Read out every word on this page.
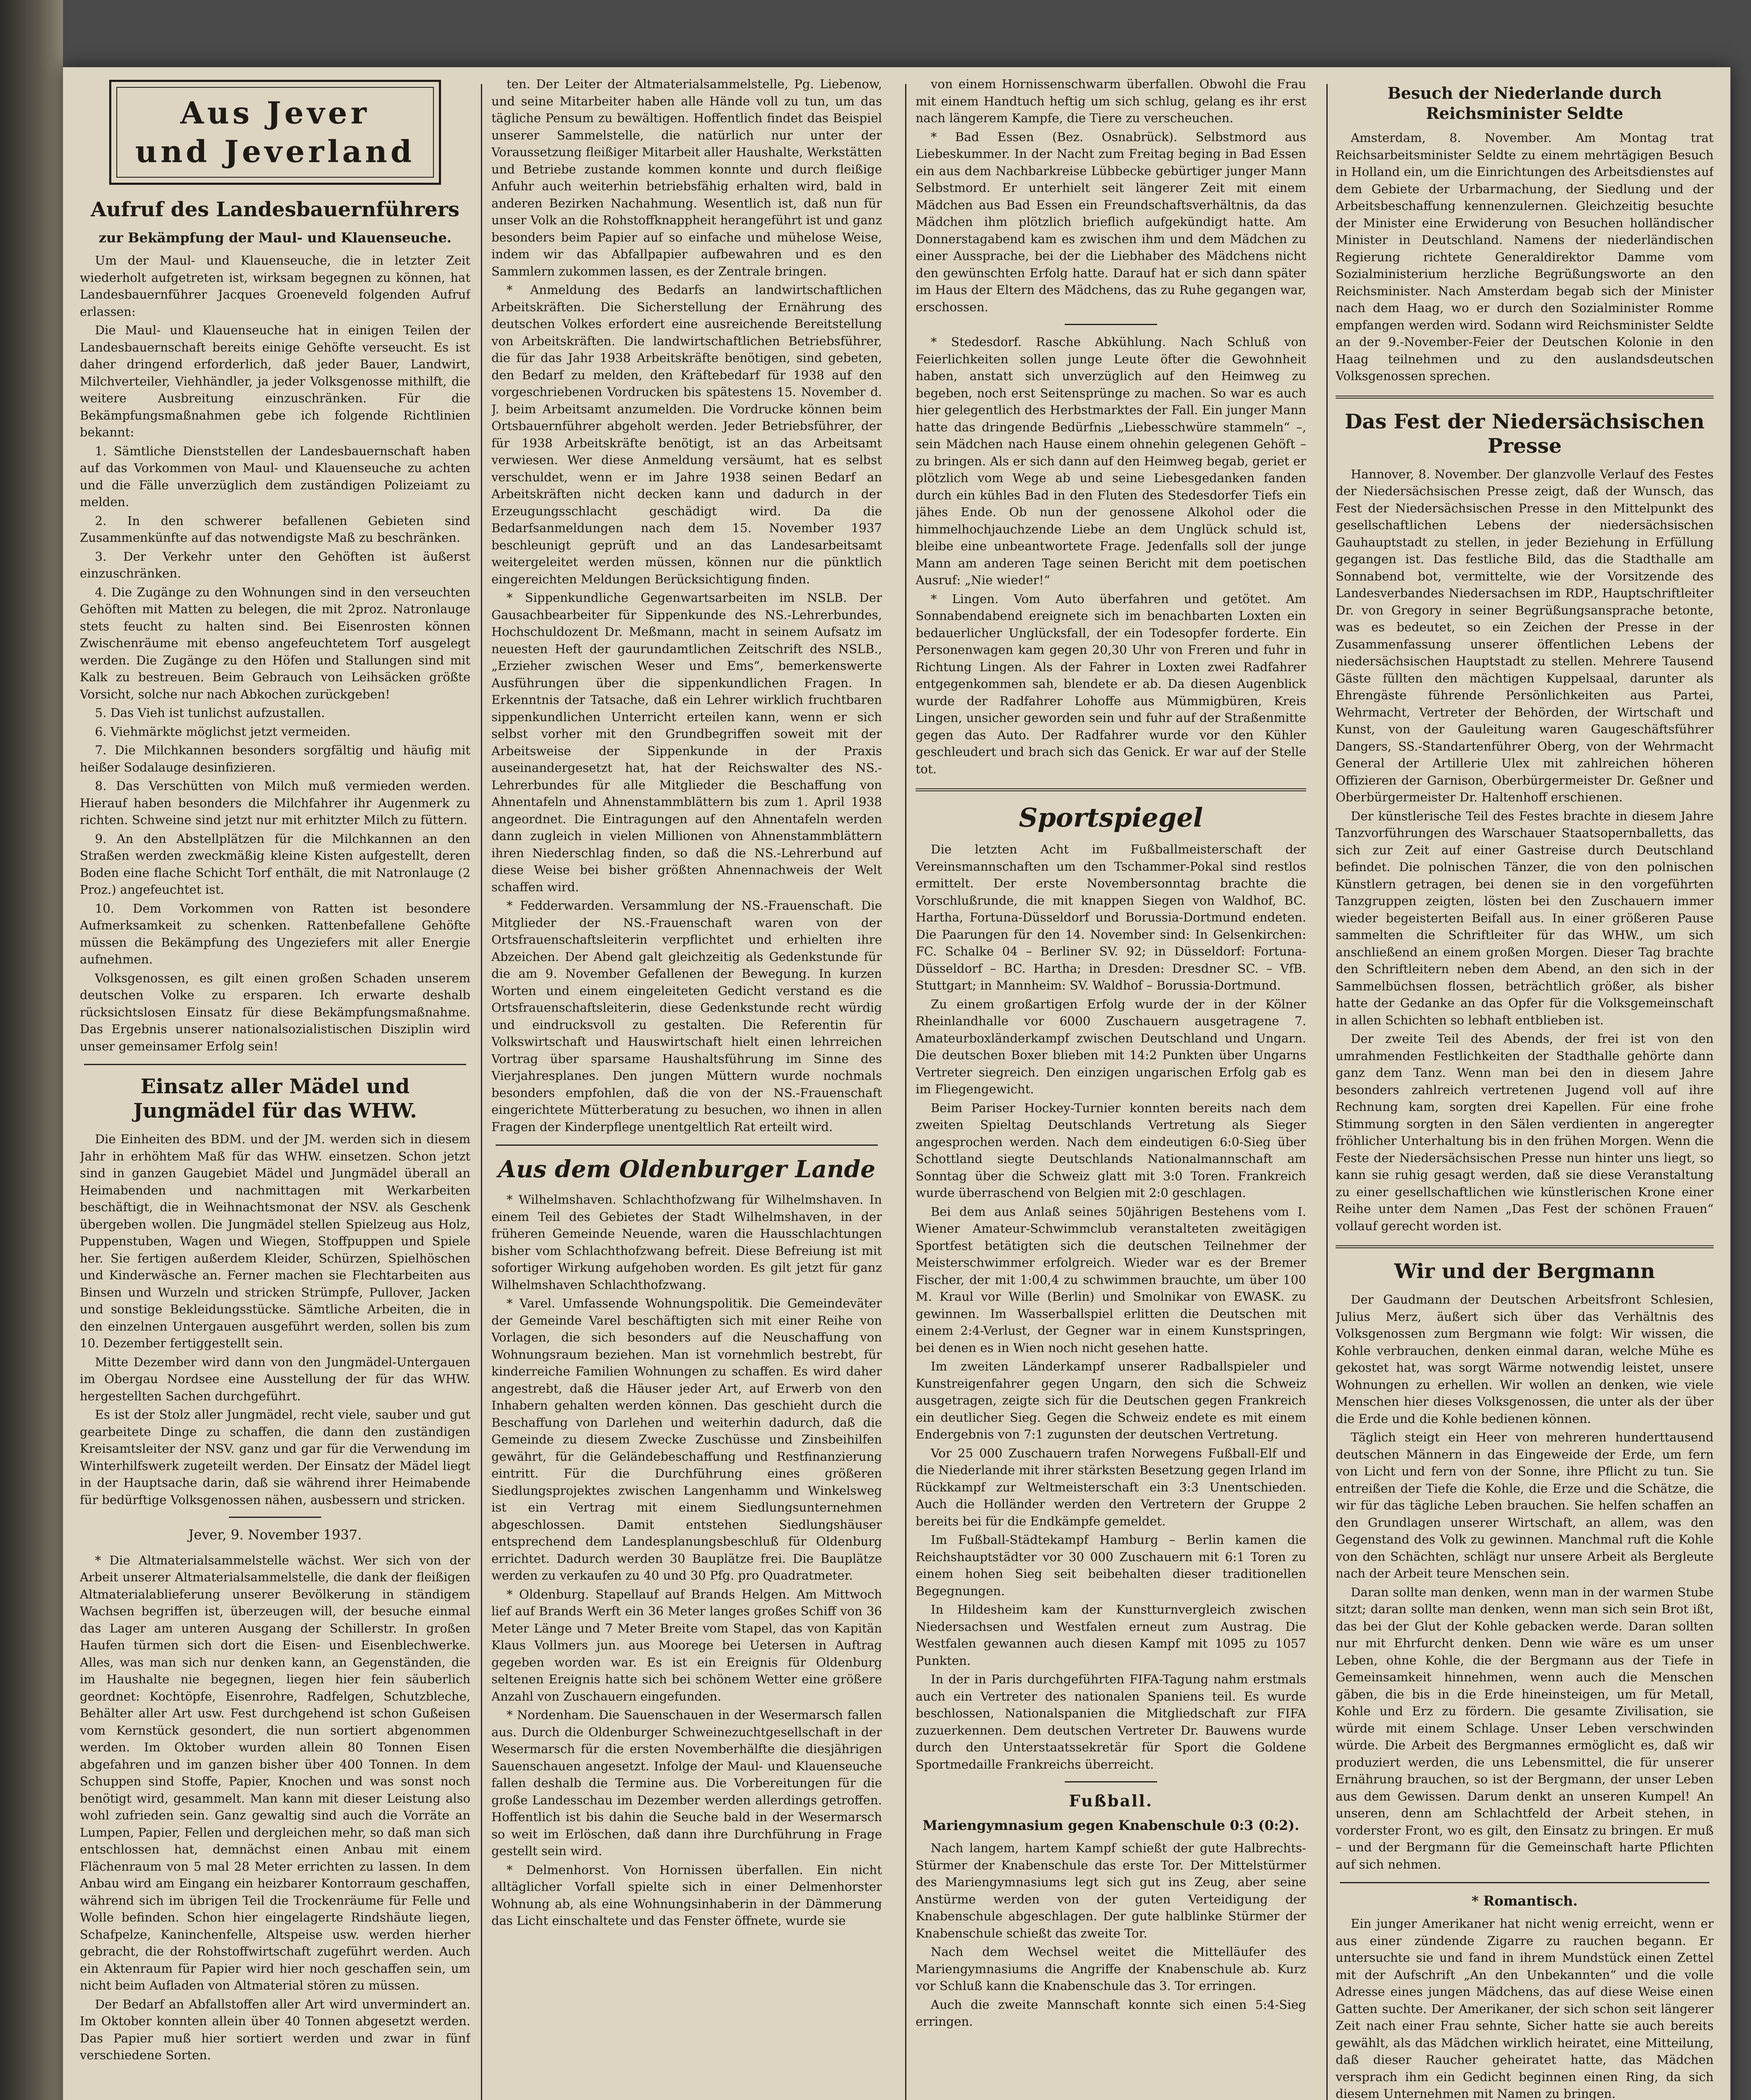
Aus Jever
und Jeverland
Aufruf des Landesbauernführers
zur Bekämpfung der Maul- und Klauenseuche.

Um der Maul- und Klauenseuche, die in letzter Zeit wiederholt aufgetreten ist, wirksam begegnen zu können, hat Landesbauernführer Jacques Groeneveld folgenden Aufruf erlassen:

Die Maul- und Klauenseuche hat in einigen Teilen der Landesbauernschaft bereits einige Gehöfte verseucht. Es ist daher dringend erforderlich, daß jeder Bauer, Landwirt, Milchverteiler, Viehhändler, ja jeder Volksgenosse mithilft, die weitere Ausbreitung einzuschränken. Für die Bekämpfungsmaßnahmen gebe ich folgende Richtlinien bekannt:

1. Sämtliche Dienststellen der Landesbauernschaft haben auf das Vorkommen von Maul- und Klauenseuche zu achten und die Fälle unverzüglich dem zuständigen Polizeiamt zu melden.

2. In den schwerer befallenen Gebieten sind Zusammenkünfte auf das notwendigste Maß zu beschränken.

3. Der Verkehr unter den Gehöften ist äußerst einzuschränken.

4. Die Zugänge zu den Wohnungen sind in den verseuchten Gehöften mit Matten zu belegen, die mit 2proz. Natronlauge stets feucht zu halten sind. Bei Eisenrosten können Zwischenräume mit ebenso angefeuchtetem Torf ausgelegt werden. Die Zugänge zu den Höfen und Stallungen sind mit Kalk zu bestreuen. Beim Gebrauch von Leihsäcken größte Vorsicht, solche nur nach Abkochen zurückgeben!

5. Das Vieh ist tunlichst aufzustallen.

6. Viehmärkte möglichst jetzt vermeiden.

7. Die Milchkannen besonders sorgfältig und häufig mit heißer Sodalauge desinfizieren.

8. Das Verschütten von Milch muß vermieden werden. Hierauf haben besonders die Milchfahrer ihr Augenmerk zu richten. Schweine sind jetzt nur mit erhitzter Milch zu füttern.

9. An den Abstellplätzen für die Milchkannen an den Straßen werden zweckmäßig kleine Kisten aufgestellt, deren Boden eine flache Schicht Torf enthält, die mit Natronlauge (2 Proz.) angefeuchtet ist.

10. Dem Vorkommen von Ratten ist besondere Aufmerksamkeit zu schenken. Rattenbefallene Gehöfte müssen die Bekämpfung des Ungeziefers mit aller Energie aufnehmen.

Volksgenossen, es gilt einen großen Schaden unserem deutschen Volke zu ersparen. Ich erwarte deshalb rücksichtslosen Einsatz für diese Bekämpfungsmaßnahme. Das Ergebnis unserer nationalsozialistischen Disziplin wird unser gemeinsamer Erfolg sein!

Einsatz aller Mädel und Jungmädel für das WHW.

Die Einheiten des BDM. und der JM. werden sich in diesem Jahr in erhöhtem Maß für das WHW. einsetzen. Schon jetzt sind in ganzen Gaugebiet Mädel und Jungmädel überall an Heimabenden und nachmittagen mit Werkarbeiten beschäftigt, die in Weihnachtsmonat der NSV. als Geschenk übergeben wollen. Die Jungmädel stellen Spielzeug aus Holz, Puppenstuben, Wagen und Wiegen, Stoffpuppen und Spiele her. Sie fertigen außerdem Kleider, Schürzen, Spielhöschen und Kinderwäsche an. Ferner machen sie Flechtarbeiten aus Binsen und Wurzeln und stricken Strümpfe, Pullover, Jacken und sonstige Bekleidungsstücke. Sämtliche Arbeiten, die in den einzelnen Untergauen ausgeführt werden, sollen bis zum 10. Dezember fertiggestellt sein.

Mitte Dezember wird dann von den Jungmädel-Untergauen im Obergau Nordsee eine Ausstellung der für das WHW. hergestellten Sachen durchgeführt.

Es ist der Stolz aller Jungmädel, recht viele, sauber und gut gearbeitete Dinge zu schaffen, die dann den zuständigen Kreisamtsleiter der NSV. ganz und gar für die Verwendung im Winterhilfswerk zugeteilt werden. Der Einsatz der Mädel liegt in der Hauptsache darin, daß sie während ihrer Heimabende für bedürftige Volksgenossen nähen, ausbessern und stricken.

Jever, 9. November 1937.

* Die Altmaterialsammelstelle wächst. Wer sich von der Arbeit unserer Altmaterialsammelstelle, die dank der fleißigen Altmaterialablieferung unserer Bevölkerung in ständigem Wachsen begriffen ist, überzeugen will, der besuche einmal das Lager am unteren Ausgang der Schillerstr. In großen Haufen türmen sich dort die Eisen- und Eisenblechwerke. Alles, was man sich nur denken kann, an Gegenständen, die im Haushalte nie begegnen, liegen hier fein säuberlich geordnet: Kochtöpfe, Eisenrohre, Radfelgen, Schutzbleche, Behälter aller Art usw. Fest durchgehend ist schon Gußeisen vom Kernstück gesondert, die nun sortiert abgenommen werden. Im Oktober wurden allein 80 Tonnen Eisen abgefahren und im ganzen bisher über 400 Tonnen. In dem Schuppen sind Stoffe, Papier, Knochen und was sonst noch benötigt wird, gesammelt. Man kann mit dieser Leistung also wohl zufrieden sein. Ganz gewaltig sind auch die Vorräte an Lumpen, Papier, Fellen und dergleichen mehr, so daß man sich entschlossen hat, demnächst einen Anbau mit einem Flächenraum von 5 mal 28 Meter errichten zu lassen. In dem Anbau wird am Eingang ein heizbarer Kontorraum geschaffen, während sich im übrigen Teil die Trockenräume für Felle und Wolle befinden. Schon hier eingelagerte Rindshäute liegen, Schafpelze, Kaninchenfelle, Altspeise usw. werden hierher gebracht, die der Rohstoffwirtschaft zugeführt werden. Auch ein Aktenraum für Papier wird hier noch geschaffen sein, um nicht beim Aufladen von Altmaterial stören zu müssen.

Der Bedarf an Abfallstoffen aller Art wird unvermindert an. Im Oktober konnten allein über 40 Tonnen abgesetzt werden. Das Papier muß hier sortiert werden und zwar in fünf verschiedene Sorten.

ten. Der Leiter der Altmaterialsammelstelle, Pg. Liebenow, und seine Mitarbeiter haben alle Hände voll zu tun, um das tägliche Pensum zu bewältigen. Hoffentlich findet das Beispiel unserer Sammelstelle, die natürlich nur unter der Voraussetzung fleißiger Mitarbeit aller Haushalte, Werkstätten und Betriebe zustande kommen konnte und durch fleißige Anfuhr auch weiterhin betriebsfähig erhalten wird, bald in anderen Bezirken Nachahmung. Wesentlich ist, daß nun für unser Volk an die Rohstoffknappheit herangeführt ist und ganz besonders beim Papier auf so einfache und mühelose Weise, indem wir das Abfallpapier aufbewahren und es den Sammlern zukommen lassen, es der Zentrale bringen.

* Anmeldung des Bedarfs an landwirtschaftlichen Arbeitskräften. Die Sicherstellung der Ernährung des deutschen Volkes erfordert eine ausreichende Bereitstellung von Arbeitskräften. Die landwirtschaftlichen Betriebsführer, die für das Jahr 1938 Arbeitskräfte benötigen, sind gebeten, den Bedarf zu melden, den Kräftebedarf für 1938 auf den vorgeschriebenen Vordrucken bis spätestens 15. November d. J. beim Arbeitsamt anzumelden. Die Vordrucke können beim Ortsbauernführer abgeholt werden. Jeder Betriebsführer, der für 1938 Arbeitskräfte benötigt, ist an das Arbeitsamt verwiesen. Wer diese Anmeldung versäumt, hat es selbst verschuldet, wenn er im Jahre 1938 seinen Bedarf an Arbeitskräften nicht decken kann und dadurch in der Erzeugungsschlacht geschädigt wird. Da die Bedarfsanmeldungen nach dem 15. November 1937 beschleunigt geprüft und an das Landesarbeitsamt weitergeleitet werden müssen, können nur die pünktlich eingereichten Meldungen Berücksichtigung finden.

* Sippenkundliche Gegenwartsarbeiten im NSLB. Der Gausachbearbeiter für Sippenkunde des NS.-Lehrerbundes, Hochschuldozent Dr. Meßmann, macht in seinem Aufsatz im neuesten Heft der gaurundamtlichen Zeitschrift des NSLB., „Erzieher zwischen Weser und Ems“, bemerkenswerte Ausführungen über die sippenkundlichen Fragen. In Erkenntnis der Tatsache, daß ein Lehrer wirklich fruchtbaren sippenkundlichen Unterricht erteilen kann, wenn er sich selbst vorher mit den Grundbegriffen soweit mit der Arbeitsweise der Sippenkunde in der Praxis auseinandergesetzt hat, hat der Reichswalter des NS.-Lehrerbundes für alle Mitglieder die Beschaffung von Ahnentafeln und Ahnenstammblättern bis zum 1. April 1938 angeordnet. Die Eintragungen auf den Ahnentafeln werden dann zugleich in vielen Millionen von Ahnenstammblättern ihren Niederschlag finden, so daß die NS.-Lehrerbund auf diese Weise bei bisher größten Ahnennachweis der Welt schaffen wird.

* Fedderwarden. Versammlung der NS.-Frauenschaft. Die Mitglieder der NS.-Frauenschaft waren von der Ortsfrauenschaftsleiterin verpflichtet und erhielten ihre Abzeichen. Der Abend galt gleichzeitig als Gedenkstunde für die am 9. November Gefallenen der Bewegung. In kurzen Worten und einem eingeleiteten Gedicht verstand es die Ortsfrauenschaftsleiterin, diese Gedenkstunde recht würdig und eindrucksvoll zu gestalten. Die Referentin für Volkswirtschaft und Hauswirtschaft hielt einen lehrreichen Vortrag über sparsame Haushaltsführung im Sinne des Vierjahresplanes. Den jungen Müttern wurde nochmals besonders empfohlen, daß die von der NS.-Frauenschaft eingerichtete Mütterberatung zu besuchen, wo ihnen in allen Fragen der Kinderpflege unentgeltlich Rat erteilt wird.

Aus dem Oldenburger Lande

* Wilhelmshaven. Schlachthofzwang für Wilhelmshaven. In einem Teil des Gebietes der Stadt Wilhelmshaven, in der früheren Gemeinde Neuende, waren die Hausschlachtungen bisher vom Schlachthofzwang befreit. Diese Befreiung ist mit sofortiger Wirkung aufgehoben worden. Es gilt jetzt für ganz Wilhelmshaven Schlachthofzwang.

* Varel. Umfassende Wohnungspolitik. Die Gemeindeväter der Gemeinde Varel beschäftigten sich mit einer Reihe von Vorlagen, die sich besonders auf die Neuschaffung von Wohnungsraum beziehen. Man ist vornehmlich bestrebt, für kinderreiche Familien Wohnungen zu schaffen. Es wird daher angestrebt, daß die Häuser jeder Art, auf Erwerb von den Inhabern gehalten werden können. Das geschieht durch die Beschaffung von Darlehen und weiterhin dadurch, daß die Gemeinde zu diesem Zwecke Zuschüsse und Zinsbeihilfen gewährt, für die Geländebeschaffung und Restfinanzierung eintritt. Für die Durchführung eines größeren Siedlungsprojektes zwischen Langenhamm und Winkelsweg ist ein Vertrag mit einem Siedlungsunternehmen abgeschlossen. Damit entstehen Siedlungshäuser entsprechend dem Landesplanungsbeschluß für Oldenburg errichtet. Dadurch werden 30 Bauplätze frei. Die Bauplätze werden zu verkaufen zu 40 und 30 Pfg. pro Quadratmeter.

* Oldenburg. Stapellauf auf Brands Helgen. Am Mittwoch lief auf Brands Werft ein 36 Meter langes großes Schiff von 36 Meter Länge und 7 Meter Breite vom Stapel, das von Kapitän Klaus Vollmers jun. aus Moorege bei Uetersen in Auftrag gegeben worden war. Es ist ein Ereignis für Oldenburg seltenen Ereignis hatte sich bei schönem Wetter eine größere Anzahl von Zuschauern eingefunden.

* Nordenham. Die Sauenschauen in der Wesermarsch fallen aus. Durch die Oldenburger Schweinezuchtgesellschaft in der Wesermarsch für die ersten Novemberhälfte die diesjährigen Sauenschauen angesetzt. Infolge der Maul- und Klauenseuche fallen deshalb die Termine aus. Die Vorbereitungen für die große Landesschau im Dezember werden allerdings getroffen. Hoffentlich ist bis dahin die Seuche bald in der Wesermarsch so weit im Erlöschen, daß dann ihre Durchführung in Frage gestellt sein wird.

* Delmenhorst. Von Hornissen überfallen. Ein nicht alltäglicher Vorfall spielte sich in einer Delmenhorster Wohnung ab, als eine Wohnungsinhaberin in der Dämmerung das Licht einschaltete und das Fenster öffnete, wurde sie

von einem Hornissenschwarm überfallen. Obwohl die Frau mit einem Handtuch heftig um sich schlug, gelang es ihr erst nach längerem Kampfe, die Tiere zu verscheuchen.

* Bad Essen (Bez. Osnabrück). Selbstmord aus Liebeskummer. In der Nacht zum Freitag beging in Bad Essen ein aus dem Nachbarkreise Lübbecke gebürtiger junger Mann Selbstmord. Er unterhielt seit längerer Zeit mit einem Mädchen aus Bad Essen ein Freundschaftsverhältnis, da das Mädchen ihm plötzlich brieflich aufgekündigt hatte. Am Donnerstagabend kam es zwischen ihm und dem Mädchen zu einer Aussprache, bei der die Liebhaber des Mädchens nicht den gewünschten Erfolg hatte. Darauf hat er sich dann später im Haus der Eltern des Mädchens, das zu Ruhe gegangen war, erschossen.

* Stedesdorf. Rasche Abkühlung. Nach Schluß von Feierlichkeiten sollen junge Leute öfter die Gewohnheit haben, anstatt sich unverzüglich auf den Heimweg zu begeben, noch erst Seitensprünge zu machen. So war es auch hier gelegentlich des Herbstmarktes der Fall. Ein junger Mann hatte das dringende Bedürfnis „Liebesschwüre stammeln“ –, sein Mädchen nach Hause einem ohnehin gelegenen Gehöft – zu bringen. Als er sich dann auf den Heimweg begab, geriet er plötzlich vom Wege ab und seine Liebesgedanken fanden durch ein kühles Bad in den Fluten des Stedesdorfer Tiefs ein jähes Ende. Ob nun der genossene Alkohol oder die himmelhochjauchzende Liebe an dem Unglück schuld ist, bleibe eine unbeantwortete Frage. Jedenfalls soll der junge Mann am anderen Tage seinen Bericht mit dem poetischen Ausruf: „Nie wieder!“

* Lingen. Vom Auto überfahren und getötet. Am Sonnabendabend ereignete sich im benachbarten Loxten ein bedauerlicher Unglücksfall, der ein Todesopfer forderte. Ein Personenwagen kam gegen 20,30 Uhr von Freren und fuhr in Richtung Lingen. Als der Fahrer in Loxten zwei Radfahrer entgegenkommen sah, blendete er ab. Da diesen Augenblick wurde der Radfahrer Lohoffe aus Mümmigbüren, Kreis Lingen, unsicher geworden sein und fuhr auf der Straßenmitte gegen das Auto. Der Radfahrer wurde vor den Kühler geschleudert und brach sich das Genick. Er war auf der Stelle tot.

Sportspiegel

Die letzten Acht im Fußballmeisterschaft der Vereinsmannschaften um den Tschammer-Pokal sind restlos ermittelt. Der erste Novembersonntag brachte die Vorschlußrunde, die mit knappen Siegen von Waldhof, BC. Hartha, Fortuna-Düsseldorf und Borussia-Dortmund endeten. Die Paarungen für den 14. November sind: In Gelsenkirchen: FC. Schalke 04 – Berliner SV. 92; in Düsseldorf: Fortuna-Düsseldorf – BC. Hartha; in Dresden: Dresdner SC. – VfB. Stuttgart; in Mannheim: SV. Waldhof – Borussia-Dortmund.

Zu einem großartigen Erfolg wurde der in der Kölner Rheinlandhalle vor 6000 Zuschauern ausgetragene 7. Amateurboxländerkampf zwischen Deutschland und Ungarn. Die deutschen Boxer blieben mit 14:2 Punkten über Ungarns Vertreter siegreich. Den einzigen ungarischen Erfolg gab es im Fliegengewicht.

Beim Pariser Hockey-Turnier konnten bereits nach dem zweiten Spieltag Deutschlands Vertretung als Sieger angesprochen werden. Nach dem eindeutigen 6:0-Sieg über Schottland siegte Deutschlands Nationalmannschaft am Sonntag über die Schweiz glatt mit 3:0 Toren. Frankreich wurde überraschend von Belgien mit 2:0 geschlagen.

Bei dem aus Anlaß seines 50jährigen Bestehens vom I. Wiener Amateur-Schwimmclub veranstalteten zweitägigen Sportfest betätigten sich die deutschen Teilnehmer der Meisterschwimmer erfolgreich. Wieder war es der Bremer Fischer, der mit 1:00,4 zu schwimmen brauchte, um über 100 M. Kraul vor Wille (Berlin) und Smolnikar von EWASK. zu gewinnen. Im Wasserballspiel erlitten die Deutschen mit einem 2:4-Verlust, der Gegner war in einem Kunstspringen, bei denen es in Wien noch nicht gesehen hatte.

Im zweiten Länderkampf unserer Radballspieler und Kunstreigenfahrer gegen Ungarn, den sich die Schweiz ausgetragen, zeigte sich für die Deutschen gegen Frankreich ein deutlicher Sieg. Gegen die Schweiz endete es mit einem Endergebnis von 7:1 zugunsten der deutschen Vertretung.

Vor 25 000 Zuschauern trafen Norwegens Fußball-Elf und die Niederlande mit ihrer stärksten Besetzung gegen Irland im Rückkampf zur Weltmeisterschaft ein 3:3 Unentschieden. Auch die Holländer werden den Vertretern der Gruppe 2 bereits bei für die Endkämpfe gemeldet.

Im Fußball-Städtekampf Hamburg – Berlin kamen die Reichshauptstädter vor 30 000 Zuschauern mit 6:1 Toren zu einem hohen Sieg seit beibehalten dieser traditionellen Begegnungen.

In Hildesheim kam der Kunstturnvergleich zwischen Niedersachsen und Westfalen erneut zum Austrag. Die Westfalen gewannen auch diesen Kampf mit 1095 zu 1057 Punkten.

In der in Paris durchgeführten FIFA-Tagung nahm erstmals auch ein Vertreter des nationalen Spaniens teil. Es wurde beschlossen, Nationalspanien die Mitgliedschaft zur FIFA zuzuerkennen. Dem deutschen Vertreter Dr. Bauwens wurde durch den Unterstaatssekretär für Sport die Goldene Sportmedaille Frankreichs überreicht.

Fußball.
Mariengymnasium gegen Knabenschule 0:3 (0:2).

Nach langem, hartem Kampf schießt der gute Halbrechts-Stürmer der Knabenschule das erste Tor. Der Mittelstürmer des Mariengymnasiums legt sich gut ins Zeug, aber seine Anstürme werden von der guten Verteidigung der Knabenschule abgeschlagen. Der gute halblinke Stürmer der Knabenschule schießt das zweite Tor.

Nach dem Wechsel weitet die Mittelläufer des Mariengymnasiums die Angriffe der Knabenschule ab. Kurz vor Schluß kann die Knabenschule das 3. Tor erringen.

Auch die zweite Mannschaft konnte sich einen 5:4-Sieg erringen.

Besuch der Niederlande durch Reichsminister Seldte

Amsterdam, 8. November. Am Montag trat Reichsarbeitsminister Seldte zu einem mehrtägigen Besuch in Holland ein, um die Einrichtungen des Arbeitsdienstes auf dem Gebiete der Urbarmachung, der Siedlung und der Arbeitsbeschaffung kennenzulernen. Gleichzeitig besuchte der Minister eine Erwiderung von Besuchen holländischer Minister in Deutschland. Namens der niederländischen Regierung richtete Generaldirektor Damme vom Sozialministerium herzliche Begrüßungsworte an den Reichsminister. Nach Amsterdam begab sich der Minister nach dem Haag, wo er durch den Sozialminister Romme empfangen werden wird. Sodann wird Reichsminister Seldte an der 9.-November-Feier der Deutschen Kolonie in den Haag teilnehmen und zu den auslandsdeutschen Volksgenossen sprechen.

Das Fest der Niedersächsischen Presse

Hannover, 8. November. Der glanzvolle Verlauf des Festes der Niedersächsischen Presse zeigt, daß der Wunsch, das Fest der Niedersächsischen Presse in den Mittelpunkt des gesellschaftlichen Lebens der niedersächsischen Gauhauptstadt zu stellen, in jeder Beziehung in Erfüllung gegangen ist. Das festliche Bild, das die Stadthalle am Sonnabend bot, vermittelte, wie der Vorsitzende des Landesverbandes Niedersachsen im RDP., Hauptschriftleiter Dr. von Gregory in seiner Begrüßungsansprache betonte, was es bedeutet, so ein Zeichen der Presse in der Zusammenfassung unserer öffentlichen Lebens der niedersächsischen Hauptstadt zu stellen. Mehrere Tausend Gäste füllten den mächtigen Kuppelsaal, darunter als Ehrengäste führende Persönlichkeiten aus Partei, Wehrmacht, Vertreter der Behörden, der Wirtschaft und Kunst, von der Gauleitung waren Gaugeschäftsführer Dangers, SS.-Standartenführer Oberg, von der Wehrmacht General der Artillerie Ulex mit zahlreichen höheren Offizieren der Garnison, Oberbürgermeister Dr. Geßner und Oberbürgermeister Dr. Haltenhoff erschienen.

Der künstlerische Teil des Festes brachte in diesem Jahre Tanzvorführungen des Warschauer Staatsopernballetts, das sich zur Zeit auf einer Gastreise durch Deutschland befindet. Die polnischen Tänzer, die von den polnischen Künstlern getragen, bei denen sie in den vorgeführten Tanzgruppen zeigten, lösten bei den Zuschauern immer wieder begeisterten Beifall aus. In einer größeren Pause sammelten die Schriftleiter für das WHW., um sich anschließend an einem großen Morgen. Dieser Tag brachte den Schriftleitern neben dem Abend, an den sich in der Sammelbüchsen flossen, beträchtlich größer, als bisher hatte der Gedanke an das Opfer für die Volksgemeinschaft in allen Schichten so lebhaft entblieben ist.

Der zweite Teil des Abends, der frei ist von den umrahmenden Festlichkeiten der Stadthalle gehörte dann ganz dem Tanz. Wenn man bei den in diesem Jahre besonders zahlreich vertretenen Jugend voll auf ihre Rechnung kam, sorgten drei Kapellen. Für eine frohe Stimmung sorgten in den Sälen verdienten in angeregter fröhlicher Unterhaltung bis in den frühen Morgen. Wenn die Feste der Niedersächsischen Presse nun hinter uns liegt, so kann sie ruhig gesagt werden, daß sie diese Veranstaltung zu einer gesellschaftlichen wie künstlerischen Krone einer Reihe unter dem Namen „Das Fest der schönen Frauen“ vollauf gerecht worden ist.

Wir und der Bergmann

Der Gaudmann der Deutschen Arbeitsfront Schlesien, Julius Merz, äußert sich über das Verhältnis des Volksgenossen zum Bergmann wie folgt: Wir wissen, die Kohle verbrauchen, denken einmal daran, welche Mühe es gekostet hat, was sorgt Wärme notwendig leistet, unsere Wohnungen zu erhellen. Wir wollen an denken, wie viele Menschen hier dieses Volksgenossen, die unter als der über die Erde und die Kohle bedienen können.

Täglich steigt ein Heer von mehreren hunderttausend deutschen Männern in das Eingeweide der Erde, um fern von Licht und fern von der Sonne, ihre Pflicht zu tun. Sie entreißen der Tiefe die Kohle, die Erze und die Schätze, die wir für das tägliche Leben brauchen. Sie helfen schaffen an den Grundlagen unserer Wirtschaft, an allem, was den Gegenstand des Volk zu gewinnen. Manchmal ruft die Kohle von den Schächten, schlägt nur unsere Arbeit als Bergleute nach der Arbeit teure Menschen sein.

Daran sollte man denken, wenn man in der warmen Stube sitzt; daran sollte man denken, wenn man sich sein Brot ißt, das bei der Glut der Kohle gebacken werde. Daran sollten nur mit Ehrfurcht denken. Denn wie wäre es um unser Leben, ohne Kohle, die der Bergmann aus der Tiefe in Gemeinsamkeit hinnehmen, wenn auch die Menschen gäben, die bis in die Erde hineinsteigen, um für Metall, Kohle und Erz zu fördern. Die gesamte Zivilisation, sie würde mit einem Schlage. Unser Leben verschwinden würde. Die Arbeit des Bergmannes ermöglicht es, daß wir produziert werden, die uns Lebensmittel, die für unserer Ernährung brauchen, so ist der Bergmann, der unser Leben aus dem Gewissen. Darum denkt an unseren Kumpel! An unseren, denn am Schlachtfeld der Arbeit stehen, in vorderster Front, wo es gilt, den Einsatz zu bringen. Er muß – und der Bergmann für die Gemeinschaft harte Pflichten auf sich nehmen.

* Romantisch.

Ein junger Amerikaner hat nicht wenig erreicht, wenn er aus einer zündende Zigarre zu rauchen begann. Er untersuchte sie und fand in ihrem Mundstück einen Zettel mit der Aufschrift „An den Unbekannten“ und die volle Adresse eines jungen Mädchens, das auf diese Weise einen Gatten suchte. Der Amerikaner, der sich schon seit längerer Zeit nach einer Frau sehnte, Sicher hatte sie auch bereits gewählt, als das Mädchen wirklich heiratet, eine Mitteilung, daß dieser Raucher geheiratet hatte, das Mädchen versprach ihm ein Gedicht beginnen einen Ring, da sich diesem Unternehmen mit Namen zu bringen.
